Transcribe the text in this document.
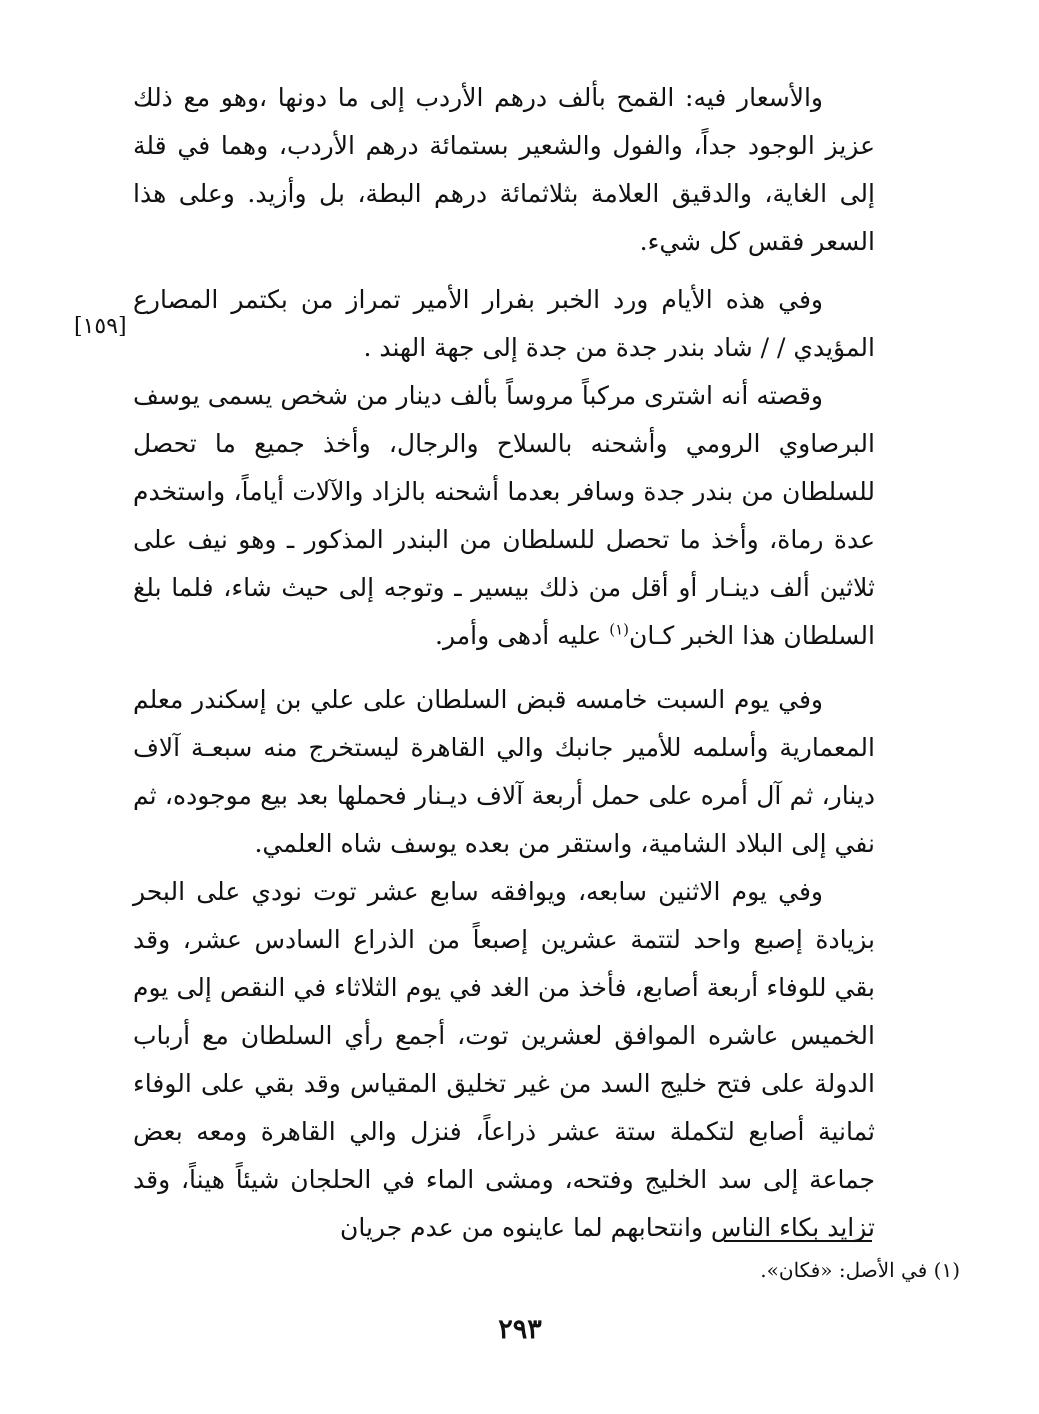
والأسعار فيه: القمح بألف درهم الأردب إلى ما دونها ،وهو مع ذلك عزيز الوجود جداً، والفول والشعير بستمائة درهم الأردب، وهما في قلة إلى الغاية، والدقيق العلامة بثلاثمائة درهم البطة، بل وأزيد. وعلى هذا السعر فقس كل شيء.

وفي هذه الأيام ورد الخبر بفرار الأمير تمراز من بكتمر المصارع المؤيدي / / شاد بندر جدة من جدة إلى جهة الهند .

[١٥٩]

وقصته أنه اشترى مركباً مروساً بألف دينار من شخص يسمى يوسف البرصاوي الرومي وأشحنه بالسلاح والرجال، وأخذ جميع ما تحصل للسلطان من بندر جدة وسافر بعدما أشحنه بالزاد والآلات أياماً، واستخدم عدة رماة، وأخذ ما تحصل للسلطان من البندر المذكور ـ وهو نيف على ثلاثين ألف دينـار أو أقل من ذلك بيسير ـ وتوجه إلى حيث شاء، فلما بلغ السلطان هذا الخبر كـان$^{(١)}$ عليه أدهى وأمر.

وفي يوم السبت خامسه قبض السلطان على علي بن إسكندر معلم المعمارية وأسلمه للأمير جانبك والي القاهرة ليستخرج منه سبعـة آلاف دينار، ثم آل أمره على حمل أربعة آلاف ديـنار فحملها بعد بيع موجوده، ثم نفي إلى البلاد الشامية، واستقر من بعده يوسف شاه العلمي.

وفي يوم الاثنين سابعه، ويوافقه سابع عشر توت نودي على البحر بزيادة إصبع واحد لتتمة عشرين إصبعاً من الذراع السادس عشر، وقد بقي للوفاء أربعة أصابع، فأخذ من الغد في يوم الثلاثاء في النقص إلى يوم الخميس عاشره الموافق لعشرين توت، أجمع رأي السلطان مع أرباب الدولة على فتح خليج السد من غير تخليق المقياس وقد بقي على الوفاء ثمانية أصابع لتكملة ستة عشر ذراعاً، فنزل والي القاهرة ومعه بعض جماعة إلى سد الخليج وفتحه، ومشى الماء في الحلجان شيئاً هيناً، وقد تزايد بكاء الناس وانتحابهم لما عاينوه من عدم جريان

(١) في الأصل: «فكان».
٢٩٣
